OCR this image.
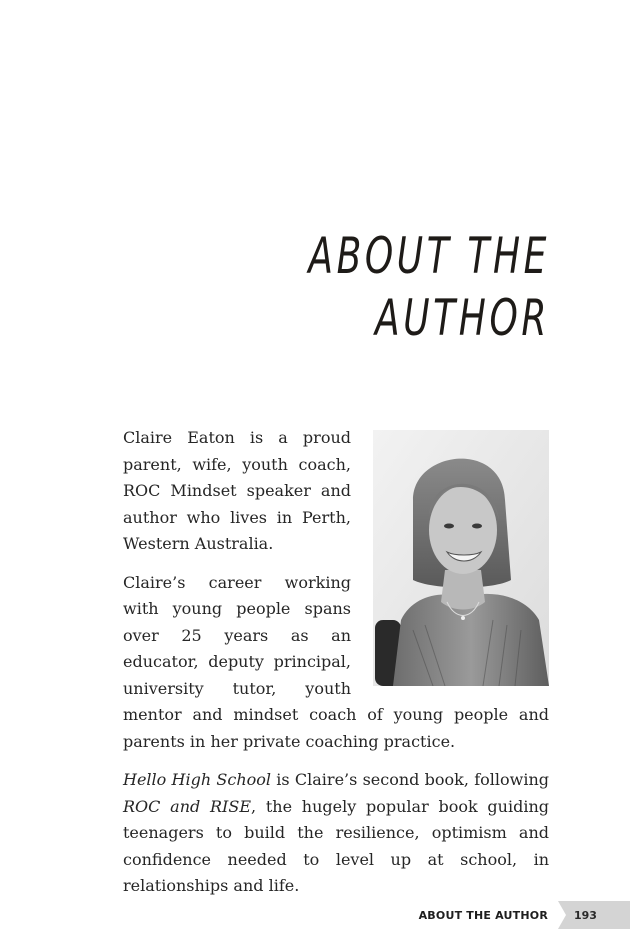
ABOUT THE AUTHOR

Claire Eaton is a proud parent, wife, youth coach, ROC Mindset speaker and author who lives in Perth, Western Australia.

Claire’s career working with young people spans over 25 years as an educator, deputy principal, university tutor, youth mentor and mindset coach of young people and parents in her private coaching practice.

Hello High School is Claire’s second book, following ROC and RISE, the hugely popular book guiding teenagers to build the resilience, optimism and confidence needed to level up at school, in relationships and life.

ABOUT THE AUTHOR 193
